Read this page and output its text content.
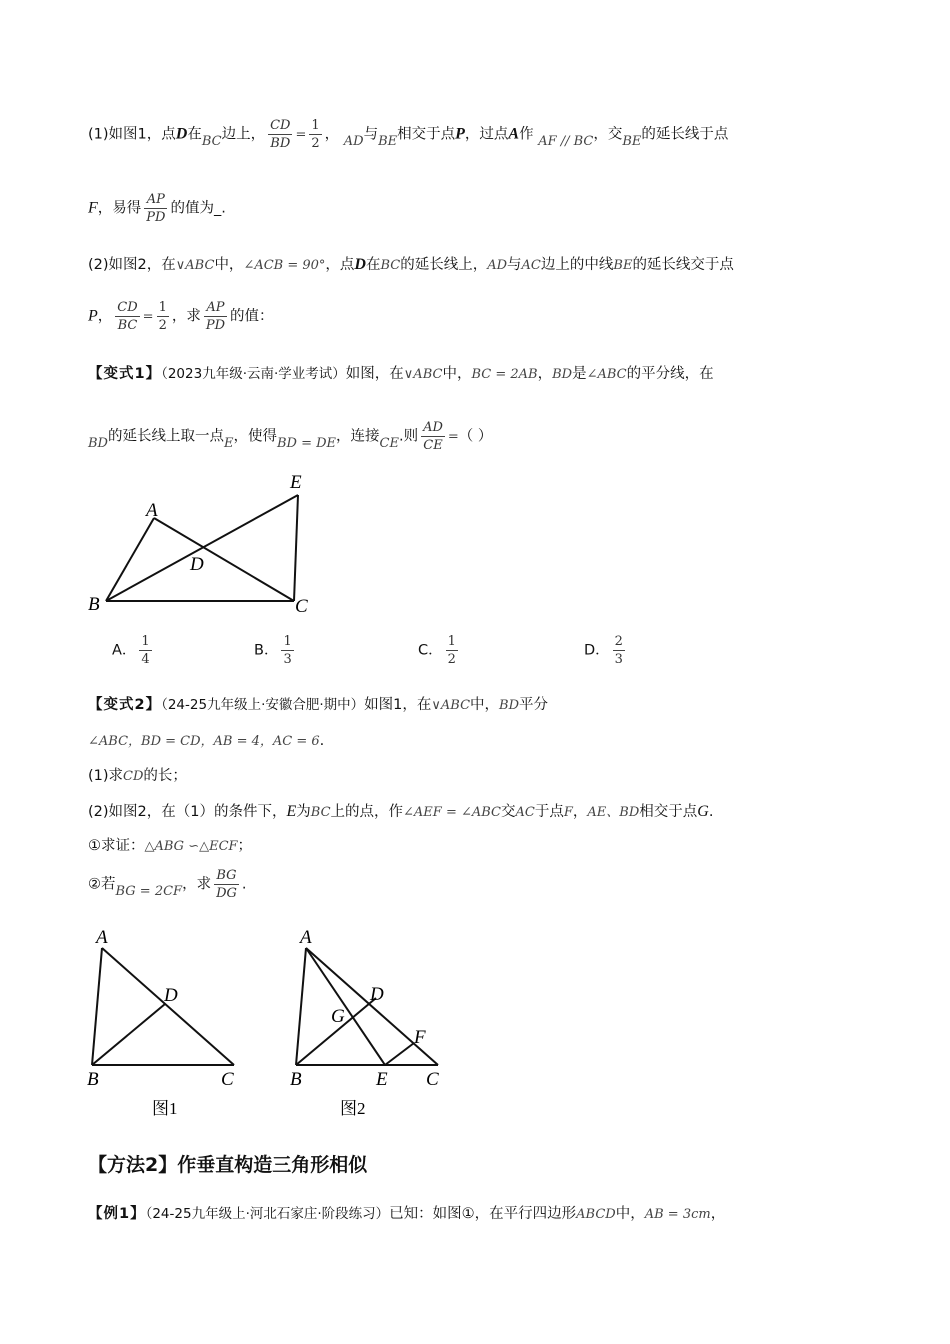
(1)如图1，点D在BC边上， $\frac{CD}{BD} = \frac{1}{2}$ ， AD与BE相交于点P，过点A作 AF // BC，交BE的延长线于点
F，易得 $\frac{AP}{PD}$ 的值为_.
(2)如图2，在∨ABC中，∠ACB = 90°，点D在BC的延长线上，AD与AC边上的中线BE的延长线交于点
P， $\frac{CD}{BC} = \frac{1}{2}$ ，求 $\frac{AP}{PD}$ 的值：
【变式1】（2023九年级·云南·学业考试）如图，在∨ABC中，BC = 2AB，BD是∠ABC的平分线，在
BD的延长线上取一点E，使得BD = DE，连接CE.则 $\frac{AD}{CE}$ =（ ）
A
E
D
B	C
A． $\frac{1}{4}$	B． $\frac{1}{3}$	C． $\frac{1}{2}$	D． $\frac{2}{3}$
【变式2】（24-25九年级上·安徽合肥·期中）如图1，在∨ABC中，BD平分
∠ABC，BD = CD，AB = 4，AC = 6.
(1)求CD的长；
(2)如图2，在（1）的条件下，E为BC上的点，作∠AEF = ∠ABC交AC于点F，AE、BD相交于点G.
①求证：△ABG ∽△ECF；
②若BG = 2CF，求 $\frac{BG}{DG}$ .
A
D
B	C
图1
A
D
G
F
B	E C
图2
【方法2】作垂直构造三角形相似
【例1】（24-25九年级上·河北石家庄·阶段练习）已知：如图①，在平行四边形ABCD中，AB = 3cm，
